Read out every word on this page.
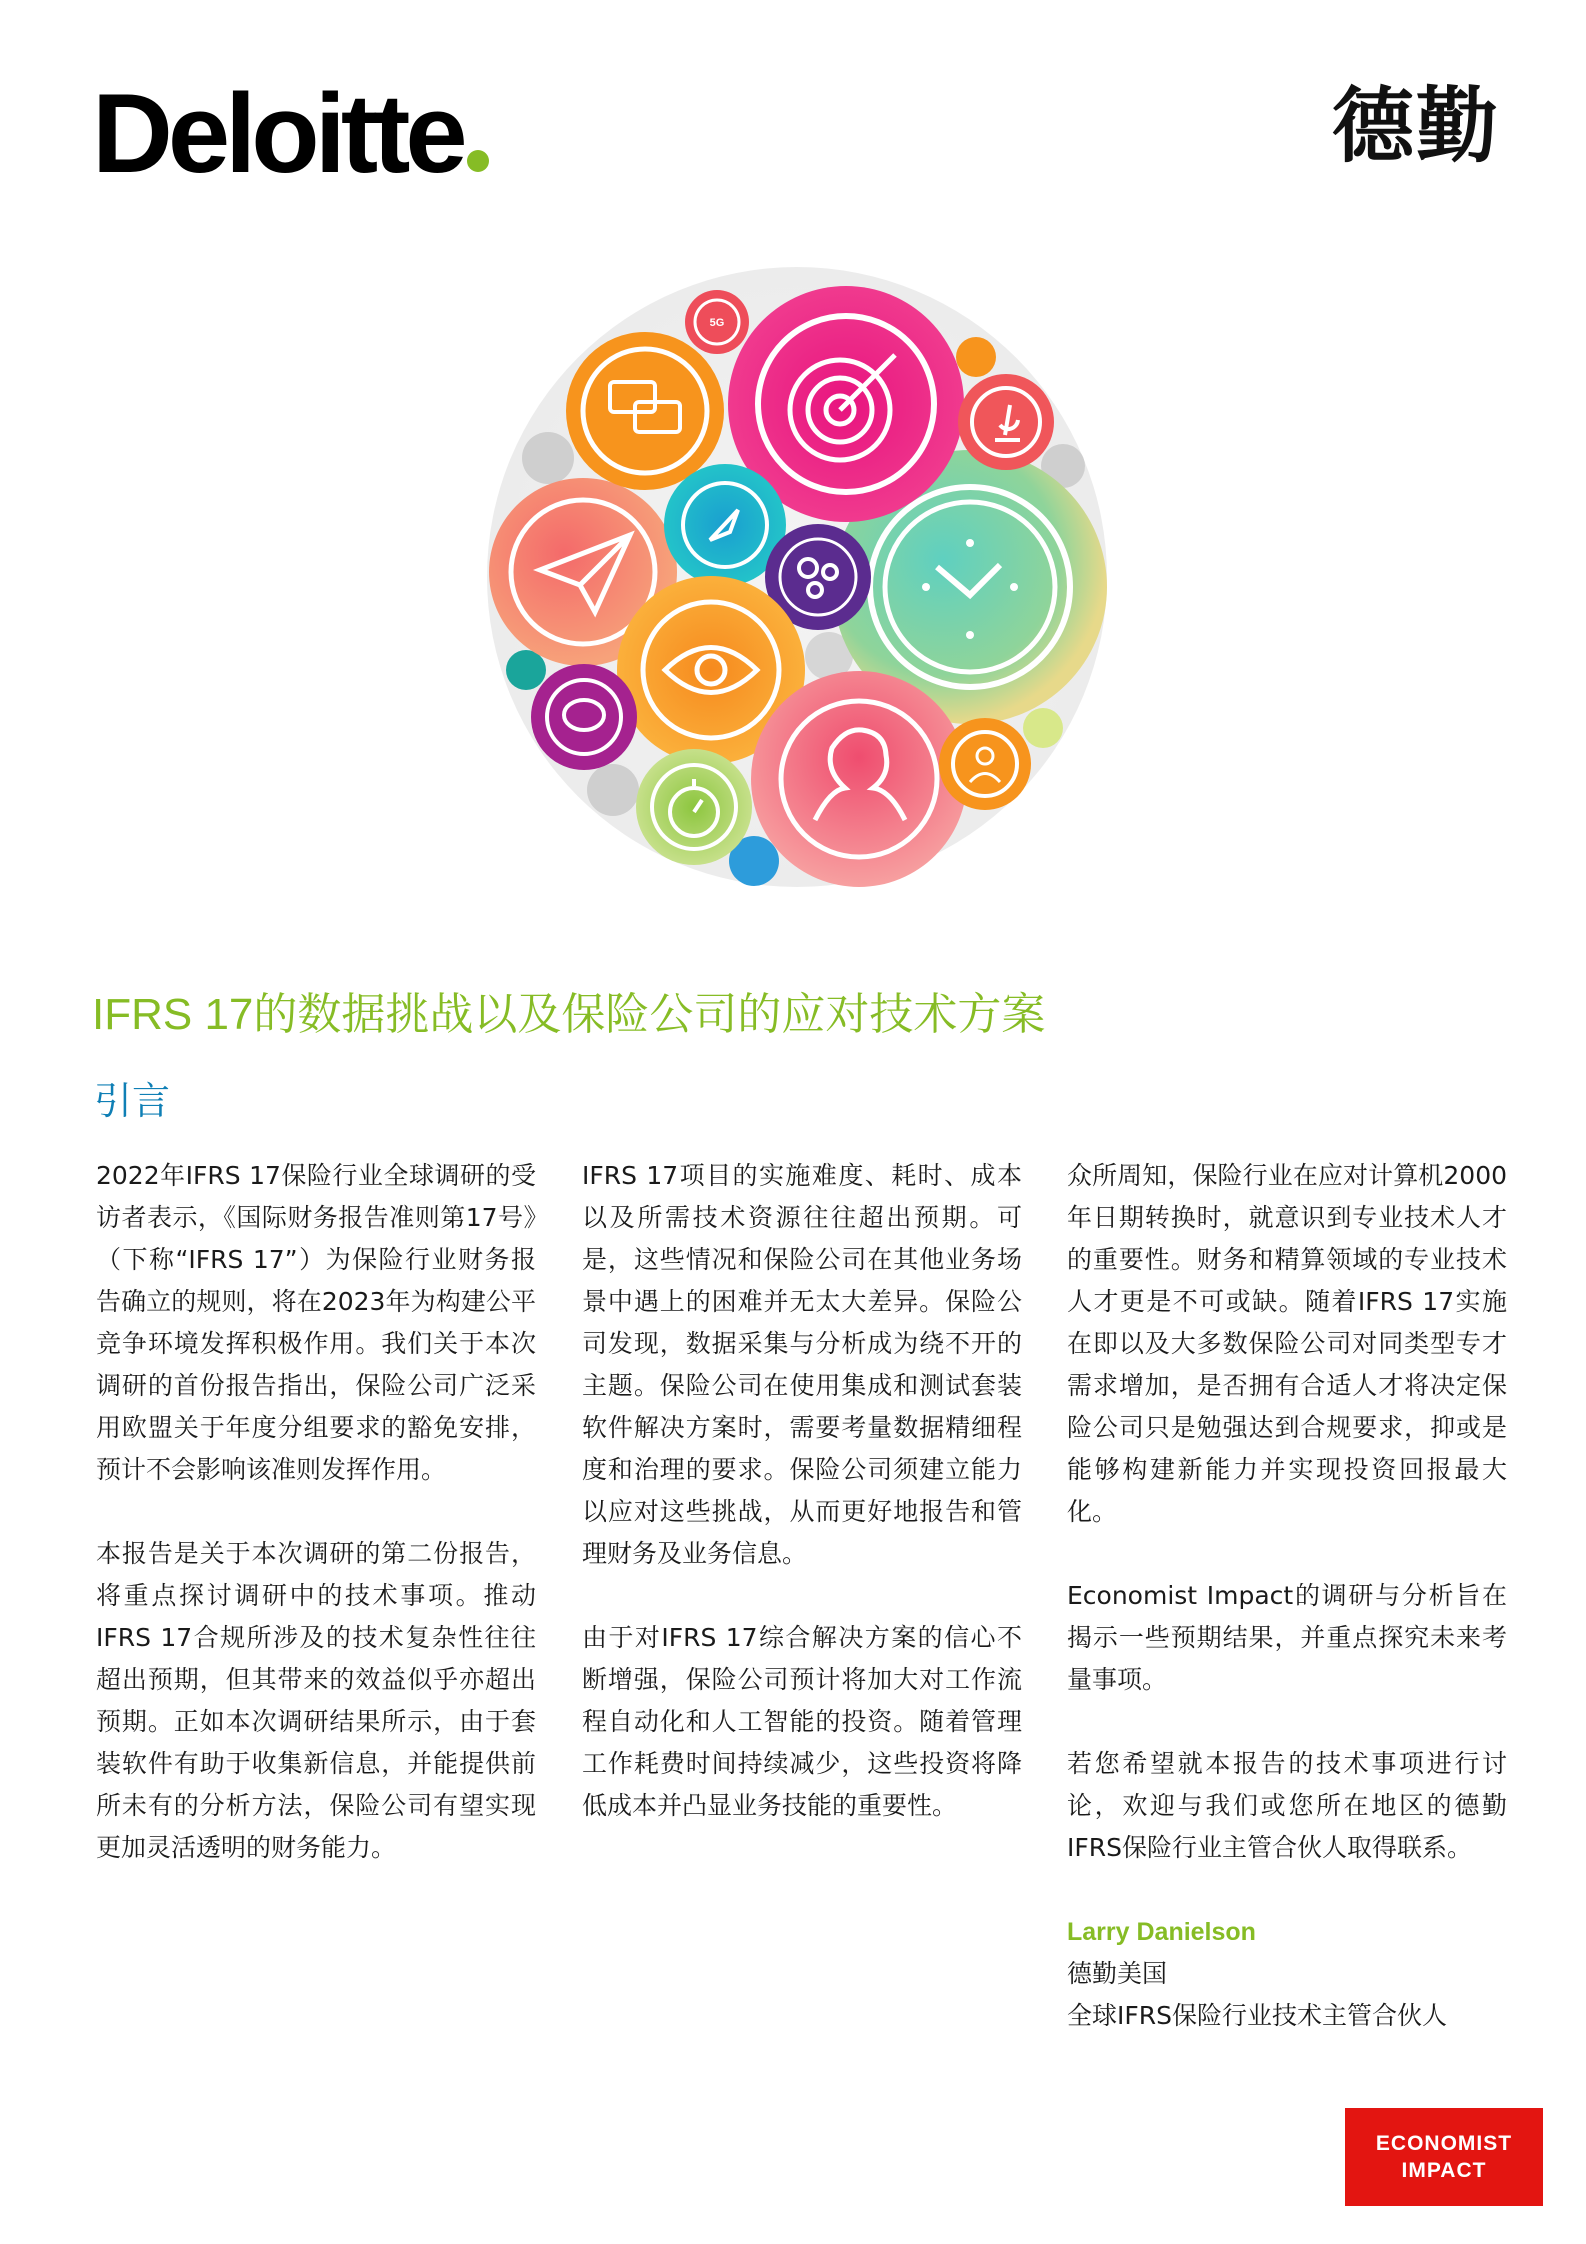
Deloitte	德勤
5G
IFRS 17的数据挑战以及保险公司的应对技术方案
引言

2022年IFRS 17保险行业全球调研的受访者表示，《国际财务报告准则第17号》（下称“IFRS 17”）为保险行业财务报告确立的规则，将在2023年为构建公平竞争环境发挥积极作用。我们关于本次调研的首份报告指出，保险公司广泛采用欧盟关于年度分组要求的豁免安排，预计不会影响该准则发挥作用。

本报告是关于本次调研的第二份报告，将重点探讨调研中的技术事项。推动IFRS 17合规所涉及的技术复杂性往往超出预期，但其带来的效益似乎亦超出预期。正如本次调研结果所示，由于套装软件有助于收集新信息，并能提供前所未有的分析方法，保险公司有望实现更加灵活透明的财务能力。

IFRS 17项目的实施难度、耗时、成本以及所需技术资源往往超出预期。可是，这些情况和保险公司在其他业务场景中遇上的困难并无太大差异。保险公司发现，数据采集与分析成为绕不开的主题。保险公司在使用集成和测试套装软件解决方案时，需要考量数据精细程度和治理的要求。保险公司须建立能力以应对这些挑战，从而更好地报告和管理财务及业务信息。

由于对IFRS 17综合解决方案的信心不断增强，保险公司预计将加大对工作流程自动化和人工智能的投资。随着管理工作耗费时间持续减少，这些投资将降低成本并凸显业务技能的重要性。

众所周知，保险行业在应对计算机2000年日期转换时，就意识到专业技术人才的重要性。财务和精算领域的专业技术人才更是不可或缺。随着IFRS 17实施在即以及大多数保险公司对同类型专才需求增加，是否拥有合适人才将决定保险公司只是勉强达到合规要求，抑或是能够构建新能力并实现投资回报最大化。

Economist Impact的调研与分析旨在揭示一些预期结果，并重点探究未来考量事项。

若您希望就本报告的技术事项进行讨论，欢迎与我们或您所在地区的德勤IFRS保险行业主管合伙人取得联系。

Larry Danielson

德勤美国

全球IFRS保险行业技术主管合伙人

ECONOMIST
IMPACT
